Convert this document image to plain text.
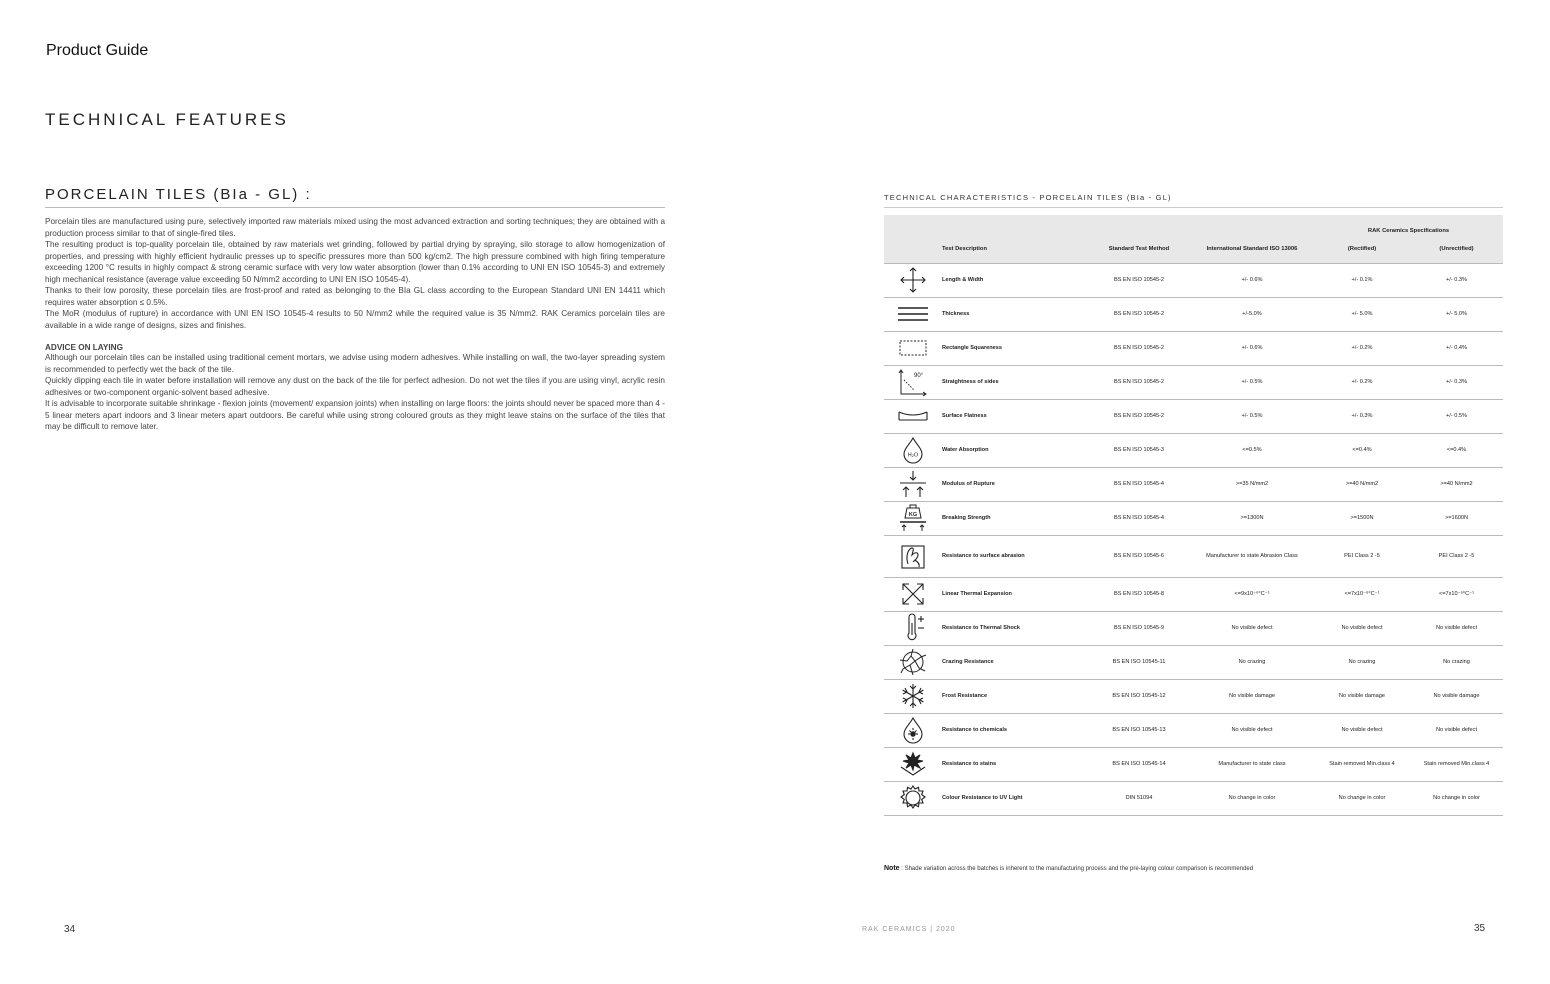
Product Guide
TECHNICAL FEATURES
PORCELAIN TILES (BIa - GL) :

Porcelain tiles are manufactured using pure, selectively imported raw materials mixed using the most advanced extraction and sorting techniques; they are obtained with a production process similar to that of single-fired tiles.

The resulting product is top-quality porcelain tile, obtained by raw materials wet grinding, followed by partial drying by spraying, silo storage to allow homogenization of properties, and pressing with highly efficient hydraulic presses up to specific pressures more than 500 kg/cm2. The high pressure combined with high firing temperature exceeding 1200 °C results in highly compact & strong ceramic surface with very low water absorption (lower than 0.1% according to UNI EN ISO 10545-3) and extremely high mechanical resistance (average value exceeding 50 N/mm2 according to UNI EN ISO 10545-4).

Thanks to their low porosity, these porcelain tiles are frost-proof and rated as belonging to the BIa GL class according to the European Standard UNI EN 14411 which requires water absorption ≤ 0.5%.

The MoR (modulus of rupture) in accordance with UNI EN ISO 10545-4 results to 50 N/mm2 while the required value is 35 N/mm2. RAK Ceramics porcelain tiles are available in a wide range of designs, sizes and finishes.

ADVICE ON LAYING

Although our porcelain tiles can be installed using traditional cement mortars, we advise using modern adhesives. While installing on wall, the two-layer spreading system is recommended to perfectly wet the back of the tile.

Quickly dipping each tile in water before installation will remove any dust on the back of the tile for perfect adhesion. Do not wet the tiles if you are using vinyl, acrylic resin adhesives or two-component organic-solvent based adhesive.

It is advisable to incorporate suitable shrinkage - flexion joints (movement/ expansion joints) when installing on large floors: the joints should never be spaced more than 4 - 5 linear meters apart indoors and 3 linear meters apart outdoors. Be careful while using strong coloured grouts as they might leave stains on the surface of the tiles that may be difficult to remove later.

TECHNICAL CHARACTERISTICS - PORCELAIN TILES (BIa - GL)
				RAK Ceramics Specifications	
	Test Description	Standard Test Method	International Standard ISO 13006	(Rectified)	(Unrectified)

	Length & Width	BS EN ISO 10545-2	+/- 0.6%	+/- 0.1%	+/- 0.3%

	Thickness	BS EN ISO 10545-2	+/-5.0%	+/- 5.0%	+/- 5.0%

	Rectangle Squareness	BS EN ISO 10545-2	+/- 0.6%	+/- 0.2%	+/- 0.4%

90°	Straightness of sides	BS EN ISO 10545-2	+/- 0.5%	+/- 0.2%	+/- 0.3%

	Surface Flatness	BS EN ISO 10545-2	+/- 0.5%	+/- 0.3%	+/- 0.5%

H₂O	Water Absorption	BS EN ISO 10545-3	<=0.5%	<=0.4%	<=0.4%

	Modulus of Rupture	BS EN ISO 10545-4	>=35 N/mm2	>=40 N/mm2	>=40 N/mm2

KG	Breaking Strength	BS EN ISO 10545-4	>=1300N	>=1500N	>=1600N

	Resistance to surface abrasion	BS EN ISO 10545-6	Manufacturer to state Abrasion Class	PEI Class 2 -5	PEI Class 2 -5

	Linear Thermal Expansion	BS EN ISO 10545-8	<=9x10⁻⁶°C⁻¹	<=7x10⁻⁶°C⁻¹	<=7x10⁻⁶°C⁻¹

	Resistance to Thermal Shock	BS EN ISO 10545-9	No visible defect	No visible defect	No visible defect

	Crazing Resistance	BS EN ISO 10545-11	No crazing	No crazing	No crazing

	Frost Resistance	BS EN ISO 10545-12	No visible damage	No visible damage	No visible damage

	Resistance to chemicals	BS EN ISO 10545-13	No visible defect	No visible defect	No visible defect

	Resistance to stains	BS EN ISO 10545-14	Manufacturer to state class	Stain removed Min.class 4	Stain removed Min.class 4

	Colour Resistance to UV Light	DIN 51094	No change in color	No change in color	No change in color
Note : Shade variation across the batches is inherent to the manufacturing process and the pre-laying colour comparison is recommended
34	RAK CERAMICS | 2020	35
